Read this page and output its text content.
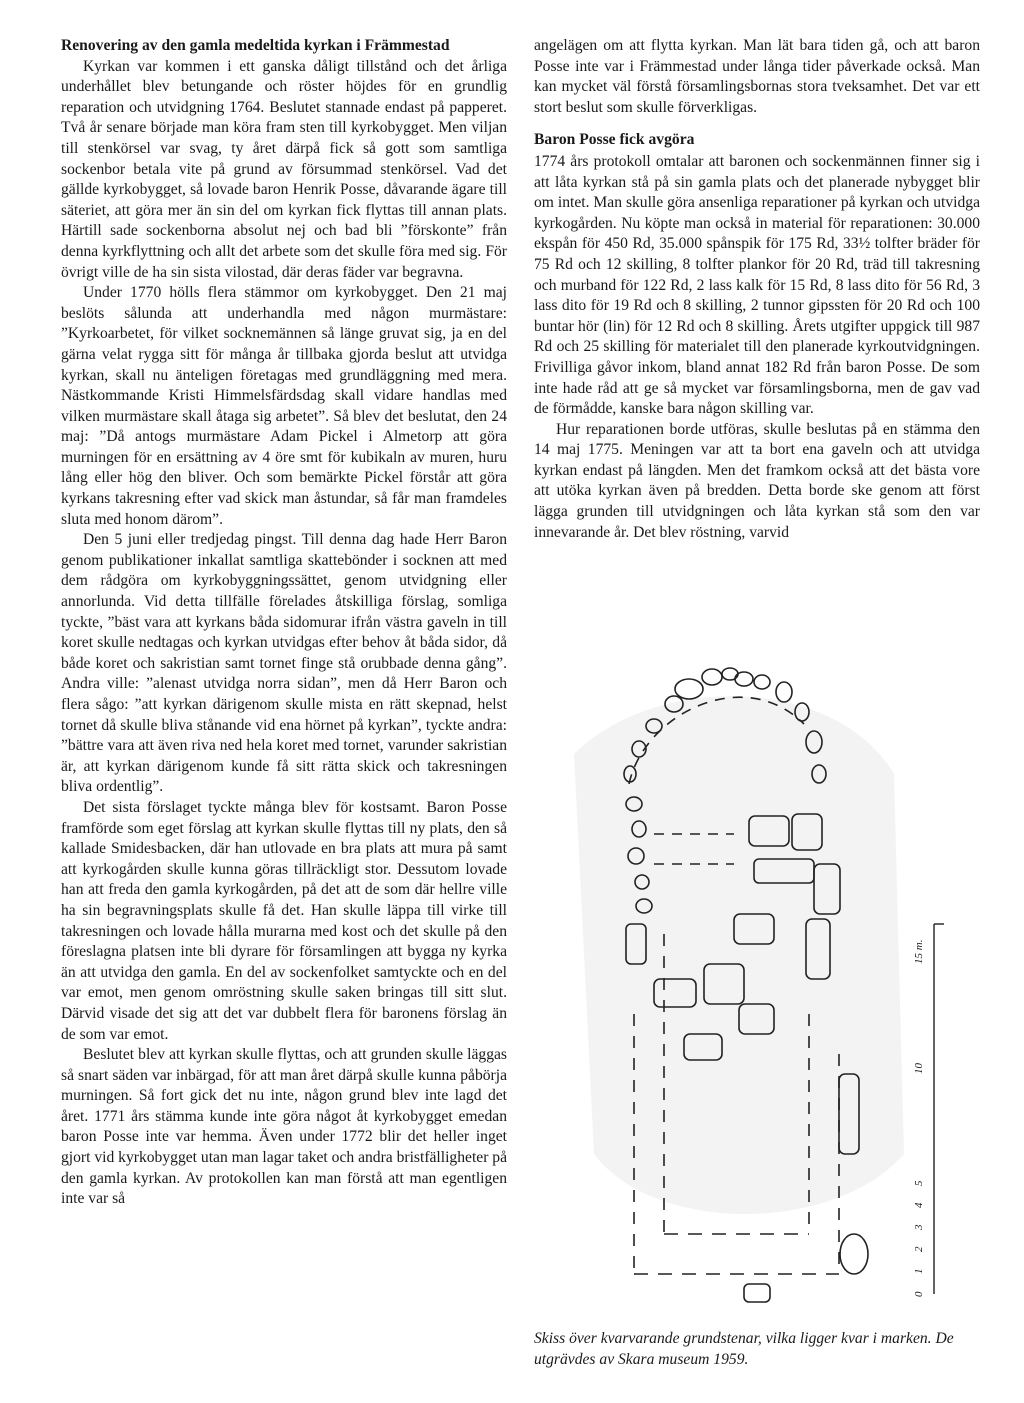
Renovering av den gamla medeltida kyrkan i Främmestad

Kyrkan var kommen i ett ganska dåligt tillstånd och det årliga underhållet blev betungande och röster höjdes för en grundlig reparation och utvidgning 1764. Beslutet stannade endast på papperet. Två år senare började man köra fram sten till kyrkobygget. Men viljan till stenkörsel var svag, ty året därpå fick så gott som samtliga sockenbor betala vite på grund av försummad stenkörsel. Vad det gällde kyrkobygget, så lovade baron Henrik Posse, dåvarande ägare till säteriet, att göra mer än sin del om kyrkan fick flyttas till annan plats. Härtill sade sockenborna absolut nej och bad bli ”förskonte” från denna kyrkflyttning och allt det arbete som det skulle föra med sig. För övrigt ville de ha sin sista vilostad, där deras fäder var begravna.

Under 1770 hölls flera stämmor om kyrkobygget. Den 21 maj beslöts sålunda att underhandla med någon murmästare: ”Kyrkoarbetet, för vilket socknemännen så länge gruvat sig, ja en del gärna velat rygga sitt för många år tillbaka gjorda beslut att utvidga kyrkan, skall nu änteligen företagas med grundläggning med mera. Nästkommande Kristi Himmelsfärdsdag skall vidare handlas med vilken murmästare skall åtaga sig arbetet”. Så blev det beslutat, den 24 maj: ”Då antogs murmästare Adam Pickel i Almetorp att göra murningen för en ersättning av 4 öre smt för kubikaln av muren, huru lång eller hög den bliver. Och som bemärkte Pickel förstår att göra kyrkans takresning efter vad skick man åstundar, så får man framdeles sluta med honom däromˮ.

Den 5 juni eller tredjedag pingst. Till denna dag hade Herr Baron genom publikationer inkallat samtliga skattebönder i socknen att med dem rådgöra om kyrkobyggningssättet, genom utvidgning eller annorlunda. Vid detta tillfälle förelades åtskilliga förslag, somliga tyckte, ”bäst vara att kyrkans båda sidomurar ifrån västra gaveln in till koret skulle nedtagas och kyrkan utvidgas efter behov åt båda sidor, då både koret och sakristian samt tornet finge stå orubbade denna gång”. Andra ville: ”alenast utvidga norra sidan”, men då Herr Baron och flera sågo: ”att kyrkan därigenom skulle mista en rätt skepnad, helst tornet då skulle bliva stånande vid ena hörnet på kyrkan”, tyckte andra: ”bättre vara att även riva ned hela koret med tornet, varunder sakristian är, att kyrkan därigenom kunde få sitt rätta skick och takresningen bliva ordentlig”.

Det sista förslaget tyckte många blev för kostsamt. Baron Posse framförde som eget förslag att kyrkan skulle flyttas till ny plats, den så kallade Smidesbacken, där han utlovade en bra plats att mura på samt att kyrkogården skulle kunna göras tillräckligt stor. Dessutom lovade han att freda den gamla kyrkogården, på det att de som där hellre ville ha sin begravningsplats skulle få det. Han skulle läppa till virke till takresningen och lovade hålla murarna med kost och det skulle på den föreslagna platsen inte bli dyrare för församlingen att bygga ny kyrka än att utvidga den gamla. En del av sockenfolket samtyckte och en del var emot, men genom omröstning skulle saken bringas till sitt slut. Därvid visade det sig att det var dubbelt flera för baronens förslag än de som var emot.

Beslutet blev att kyrkan skulle flyttas, och att grunden skulle läggas så snart säden var inbärgad, för att man året därpå skulle kunna påbörja murningen. Så fort gick det nu inte, någon grund blev inte lagd det året. 1771 års stämma kunde inte göra något åt kyrkobygget emedan baron Posse inte var hemma. Även under 1772 blir det heller inget gjort vid kyrkobygget utan man lagar taket och andra bristfälligheter på den gamla kyrkan. Av protokollen kan man förstå att man egentligen inte var så

angelägen om att flytta kyrkan. Man lät bara tiden gå, och att baron Posse inte var i Främmestad under långa tider påverkade också. Man kan mycket väl förstå församlingsbornas stora tveksamhet. Det var ett stort beslut som skulle förverkligas.

Baron Posse fick avgöra

1774 års protokoll omtalar att baronen och sockenmännen finner sig i att låta kyrkan stå på sin gamla plats och det planerade nybygget blir om intet. Man skulle göra ansenliga reparationer på kyrkan och utvidga kyrkogården. Nu köpte man också in material för reparationen: 30.000 ekspån för 450 Rd, 35.000 spånspik för 175 Rd, 33½ tolfter bräder för 75 Rd och 12 skilling, 8 tolfter plankor för 20 Rd, träd till takresning och murband för 122 Rd, 2 lass kalk för 15 Rd, 8 lass dito för 56 Rd, 3 lass dito för 19 Rd och 8 skilling, 2 tunnor gipssten för 20 Rd och 100 buntar hör (lin) för 12 Rd och 8 skilling. Årets utgifter uppgick till 987 Rd och 25 skilling för materialet till den planerade kyrkoutvidgningen. Frivilliga gåvor inkom, bland annat 182 Rd från baron Posse. De som inte hade råd att ge så mycket var församlingsborna, men de gav vad de förmådde, kanske bara någon skilling var.

Hur reparationen borde utföras, skulle beslutas på en stämma den 14 maj 1775. Meningen var att ta bort ena gaveln och att utvidga kyrkan endast på längden. Men det framkom också att det bästa vore att utöka kyrkan även på bredden. Detta borde ske genom att först lägga grunden till utvidgningen och låta kyrkan stå som den var innevarande år. Det blev röstning, varvid

0
1
2
3
4
5
10
15 m.

Skiss över kvarvarande grundstenar, vilka ligger kvar i marken. De utgrävdes av Skara museum 1959.
